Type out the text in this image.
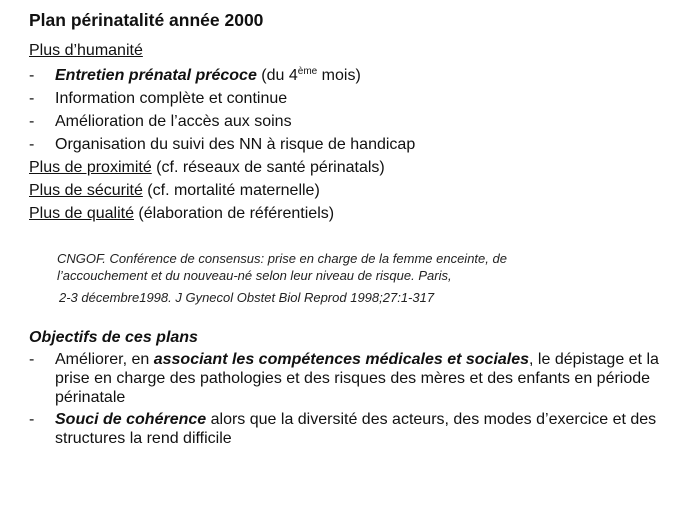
Plan périnatalité année 2000
Plus d’humanité
- Entretien prénatal précoce (du 4ème mois)
- Information complète et continue
- Amélioration de l’accès aux soins
- Organisation du suivi des NN à risque de handicap
Plus de proximité (cf. réseaux de santé périnatals)
Plus de sécurité (cf. mortalité maternelle)
Plus de qualité (élaboration de référentiels)
CNGOF. Conférence de consensus: prise en charge de la femme enceinte, de
l’accouchement et du nouveau-né selon leur niveau de risque. Paris,
2-3 décembre1998. J Gynecol Obstet Biol Reprod 1998;27:1-317
Objectifs de ces plans
- Améliorer, en associant les compétences médicales et sociales, le dépistage et la prise en charge des pathologies et des risques des mères et des enfants en période périnatale
- Souci de cohérence alors que la diversité des acteurs, des modes d’exercice et des structures la rend difficile
